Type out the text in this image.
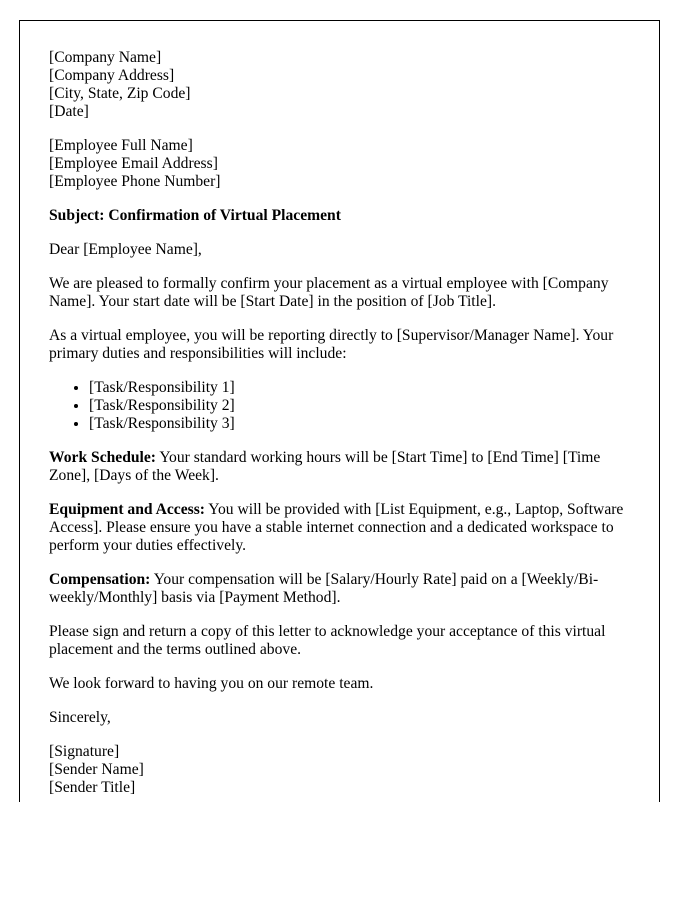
[Company Name]
[Company Address]
[City, State, Zip Code]
[Date]
[Employee Full Name]
[Employee Email Address]
[Employee Phone Number]

Subject: Confirmation of Virtual Placement

Dear [Employee Name],

We are pleased to formally confirm your placement as a virtual employee with [Company Name]. Your start date will be [Start Date] in the position of [Job Title].

As a virtual employee, you will be reporting directly to [Supervisor/Manager Name]. Your primary duties and responsibilities will include:

• [Task/Responsibility 1]
• [Task/Responsibility 2]
• [Task/Responsibility 3]

Work Schedule: Your standard working hours will be [Start Time] to [End Time] [Time Zone], [Days of the Week].

Equipment and Access: You will be provided with [List Equipment, e.g., Laptop, Software Access]. Please ensure you have a stable internet connection and a dedicated workspace to perform your duties effectively.

Compensation: Your compensation will be [Salary/Hourly Rate] paid on a [Weekly/Bi-weekly/Monthly] basis via [Payment Method].

Please sign and return a copy of this letter to acknowledge your acceptance of this virtual placement and the terms outlined above.

We look forward to having you on our remote team.

Sincerely,

[Signature]
[Sender Name]
[Sender Title]
